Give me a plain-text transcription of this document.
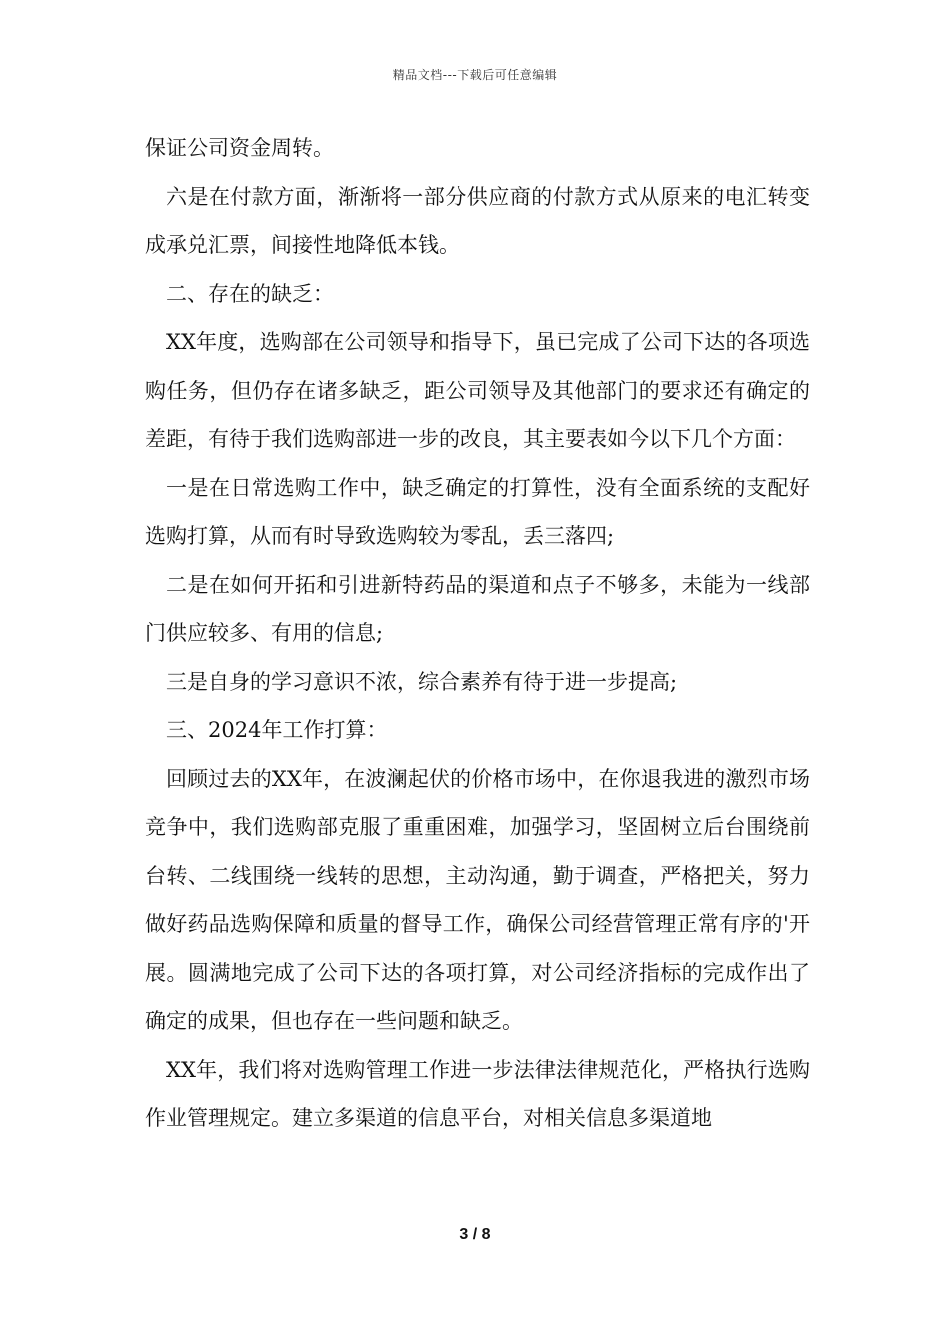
精品文档---下载后可任意编辑

保证公司资金周转。

六是在付款方面，渐渐将一部分供应商的付款方式从原来的电汇转变成承兑汇票，间接性地降低本钱。

二、存在的缺乏：

XX年度，选购部在公司领导和指导下，虽已完成了公司下达的各项选购任务，但仍存在诸多缺乏，距公司领导及其他部门的要求还有确定的差距，有待于我们选购部进一步的改良，其主要表如今以下几个方面：

一是在日常选购工作中，缺乏确定的打算性，没有全面系统的支配好选购打算，从而有时导致选购较为零乱，丢三落四;

二是在如何开拓和引进新特药品的渠道和点子不够多，未能为一线部门供应较多、有用的信息;

三是自身的学习意识不浓，综合素养有待于进一步提高;

三、2024年工作打算：

回顾过去的XX年，在波澜起伏的价格市场中，在你退我进的激烈市场竞争中，我们选购部克服了重重困难，加强学习，坚固树立后台围绕前台转、二线围绕一线转的思想，主动沟通，勤于调查，严格把关，努力做好药品选购保障和质量的督导工作，确保公司经营管理正常有序的'开展。圆满地完成了公司下达的各项打算，对公司经济指标的完成作出了确定的成果，但也存在一些问题和缺乏。

XX年，我们将对选购管理工作进一步法律法律规范化，严格执行选购作业管理规定。建立多渠道的信息平台，对相关信息多渠道地

3 / 8
